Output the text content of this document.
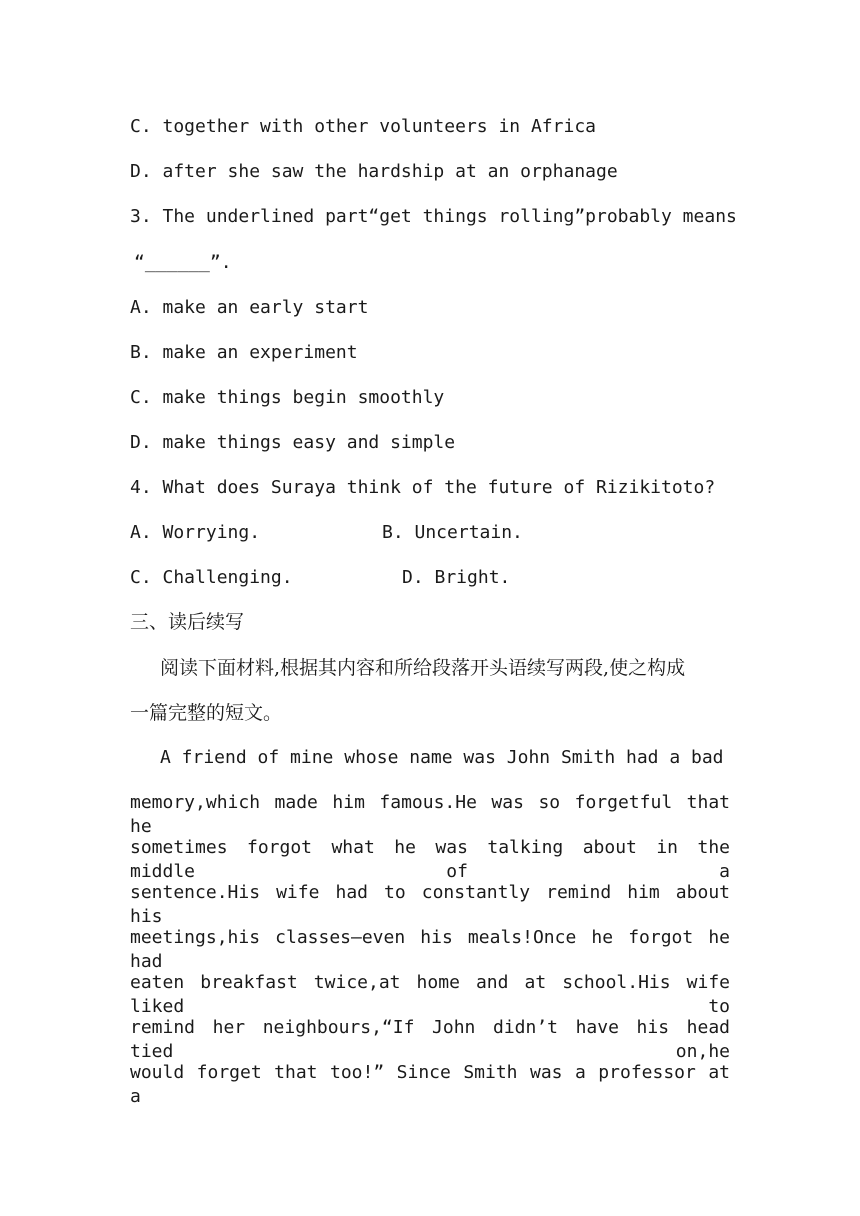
C. together with other volunteers in Africa
D. after she saw the hardship at an orphanage
3. The underlined part“get things rolling”probably means
“______”.
A. make an early start
B. make an experiment
C. make things begin smoothly
D. make things easy and simple
4. What does Suraya think of the future of Rizikitoto?

A. Worrying.

	B. Uncertain.

C. Challenging.

	D. Bright.

三、读后续写
阅读下面材料,根据其内容和所给段落开头语续写两段,使之构成
一篇完整的短文。
A friend of mine whose name was John Smith had a bad
memory,which made him famous.He was so forgetful that he
sometimes forgot what he was talking about in the middle of a
sentence.His wife had to constantly remind him about his
meetings,his classes—even his meals!Once he forgot he had
eaten breakfast twice,at home and at school.His wife liked to
remind her neighbours,“If John didn’t have his head tied on,he
would forget that too!” Since Smith was a professor at a
